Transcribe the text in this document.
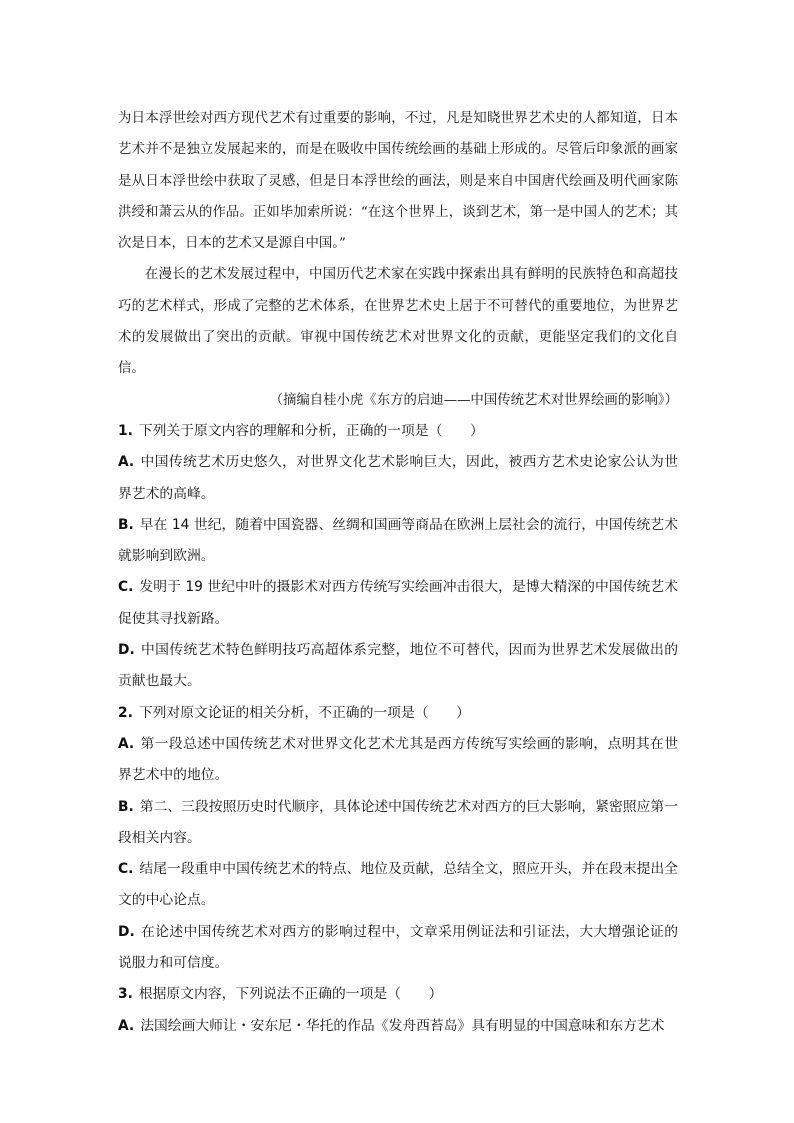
为日本浮世绘对西方现代艺术有过重要的影响，不过，凡是知晓世界艺术史的人都知道，日本艺术并不是独立发展起来的，而是在吸收中国传统绘画的基础上形成的。尽管后印象派的画家是从日本浮世绘中获取了灵感，但是日本浮世绘的画法，则是来自中国唐代绘画及明代画家陈洪绶和萧云从的作品。正如毕加索所说：“在这个世界上，谈到艺术，第一是中国人的艺术；其次是日本，日本的艺术又是源自中国。”

在漫长的艺术发展过程中，中国历代艺术家在实践中探索出具有鲜明的民族特色和高超技巧的艺术样式，形成了完整的艺术体系，在世界艺术史上居于不可替代的重要地位，为世界艺术的发展做出了突出的贡献。审视中国传统艺术对世界文化的贡献，更能坚定我们的文化自信。

（摘编自桂小虎《东方的启迪——中国传统艺术对世界绘画的影响》）

1. 下列关于原文内容的理解和分析，正确的一项是（　　）

A. 中国传统艺术历史悠久，对世界文化艺术影响巨大，因此，被西方艺术史论家公认为世界艺术的高峰。

B. 早在 14 世纪，随着中国瓷器、丝绸和国画等商品在欧洲上层社会的流行，中国传统艺术就影响到欧洲。

C. 发明于 19 世纪中叶的摄影术对西方传统写实绘画冲击很大，是博大精深的中国传统艺术促使其寻找新路。

D. 中国传统艺术特色鲜明技巧高超体系完整，地位不可替代，因而为世界艺术发展做出的贡献也最大。

2. 下列对原文论证的相关分析，不正确的一项是（　　）

A. 第一段总述中国传统艺术对世界文化艺术尤其是西方传统写实绘画的影响，点明其在世界艺术中的地位。

B. 第二、三段按照历史时代顺序，具体论述中国传统艺术对西方的巨大影响，紧密照应第一段相关内容。

C. 结尾一段重申中国传统艺术的特点、地位及贡献，总结全文，照应开头，并在段末提出全文的中心论点。

D. 在论述中国传统艺术对西方的影响过程中，文章采用例证法和引证法，大大增强论证的说服力和可信度。

3. 根据原文内容，下列说法不正确的一项是（　　）

A. 法国绘画大师让・安东尼・华托的作品《发舟西苔岛》具有明显的中国意味和东方艺术
